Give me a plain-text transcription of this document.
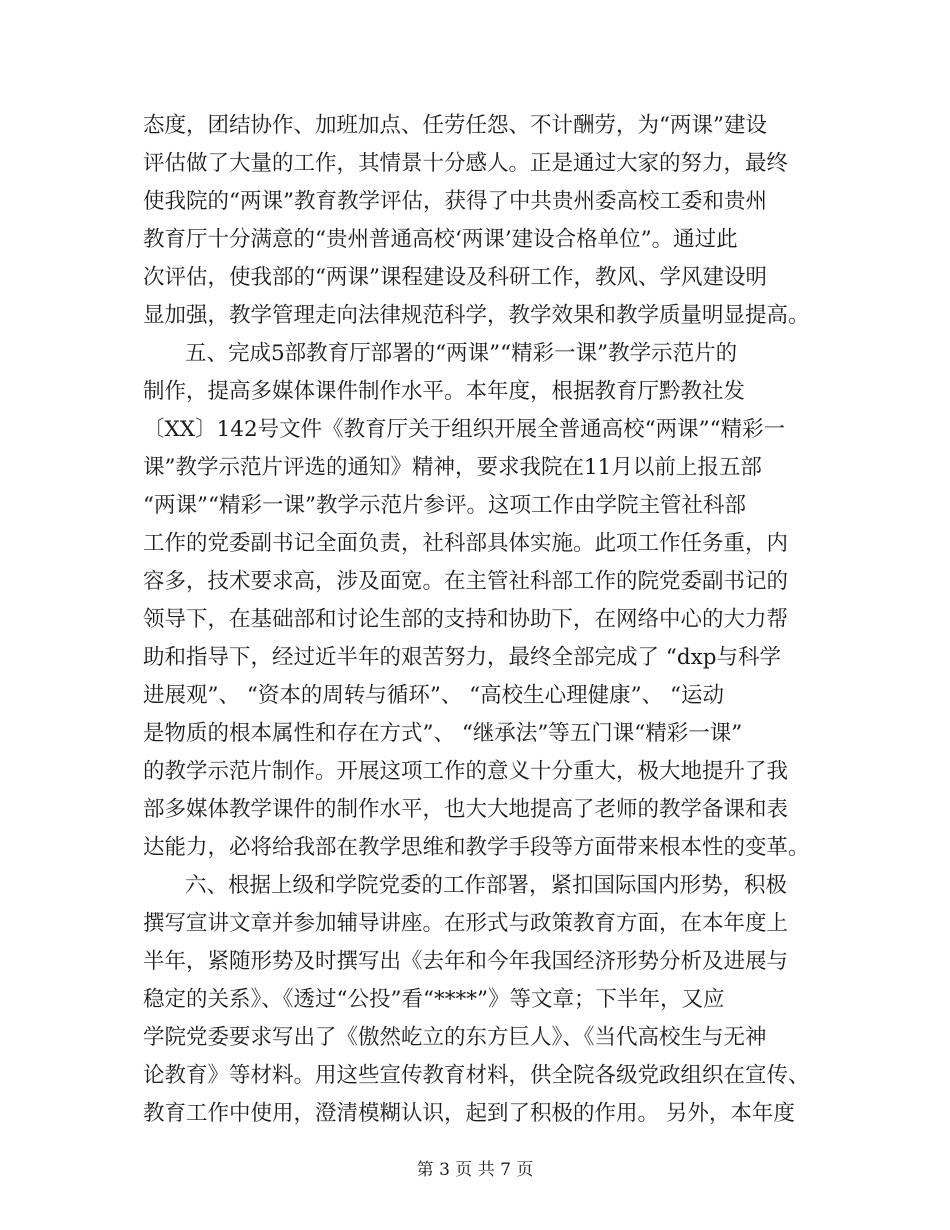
态度，团结协作、加班加点、任劳任怨、不计酬劳，为“两课”建设
评估做了大量的工作，其情景十分感人。正是通过大家的努力，最终
使我院的“两课”教育教学评估，获得了中共贵州委高校工委和贵州
教育厅十分满意的“贵州普通高校‘两课’建设合格单位”。通过此
次评估，使我部的“两课”课程建设及科研工作，教风、学风建设明
显加强，教学管理走向法律规范科学，教学效果和教学质量明显提高。
五、完成5部教育厅部署的“两课”“精彩一课”教学示范片的
制作，提高多媒体课件制作水平。本年度，根据教育厅黔教社发
〔XX〕142号文件《教育厅关于组织开展全普通高校“两课”“精彩一
课”教学示范片评选的通知》精神，要求我院在11月以前上报五部
“两课”“精彩一课”教学示范片参评。这项工作由学院主管社科部
工作的党委副书记全面负责，社科部具体实施。此项工作任务重，内
容多，技术要求高，涉及面宽。在主管社科部工作的院党委副书记的
领导下，在基础部和讨论生部的支持和协助下，在网络中心的大力帮
助和指导下，经过近半年的艰苦努力，最终全部完成了 “dxp与科学
进展观”、 “资本的周转与循环”、 “高校生心理健康”、 “运动
是物质的根本属性和存在方式”、 “继承法”等五门课“精彩一课”
的教学示范片制作。开展这项工作的意义十分重大，极大地提升了我
部多媒体教学课件的制作水平，也大大地提高了老师的教学备课和表
达能力，必将给我部在教学思维和教学手段等方面带来根本性的变革。
六、根据上级和学院党委的工作部署，紧扣国际国内形势，积极
撰写宣讲文章并参加辅导讲座。在形式与政策教育方面，在本年度上
半年，紧随形势及时撰写出《去年和今年我国经济形势分析及进展与
稳定的关系》、《透过“公投”看“****”》等文章；下半年，又应
学院党委要求写出了《傲然屹立的东方巨人》、《当代高校生与无神
论教育》等材料。用这些宣传教育材料，供全院各级党政组织在宣传、
教育工作中使用，澄清模糊认识，起到了积极的作用。 另外，本年度
第 3 页 共 7 页
